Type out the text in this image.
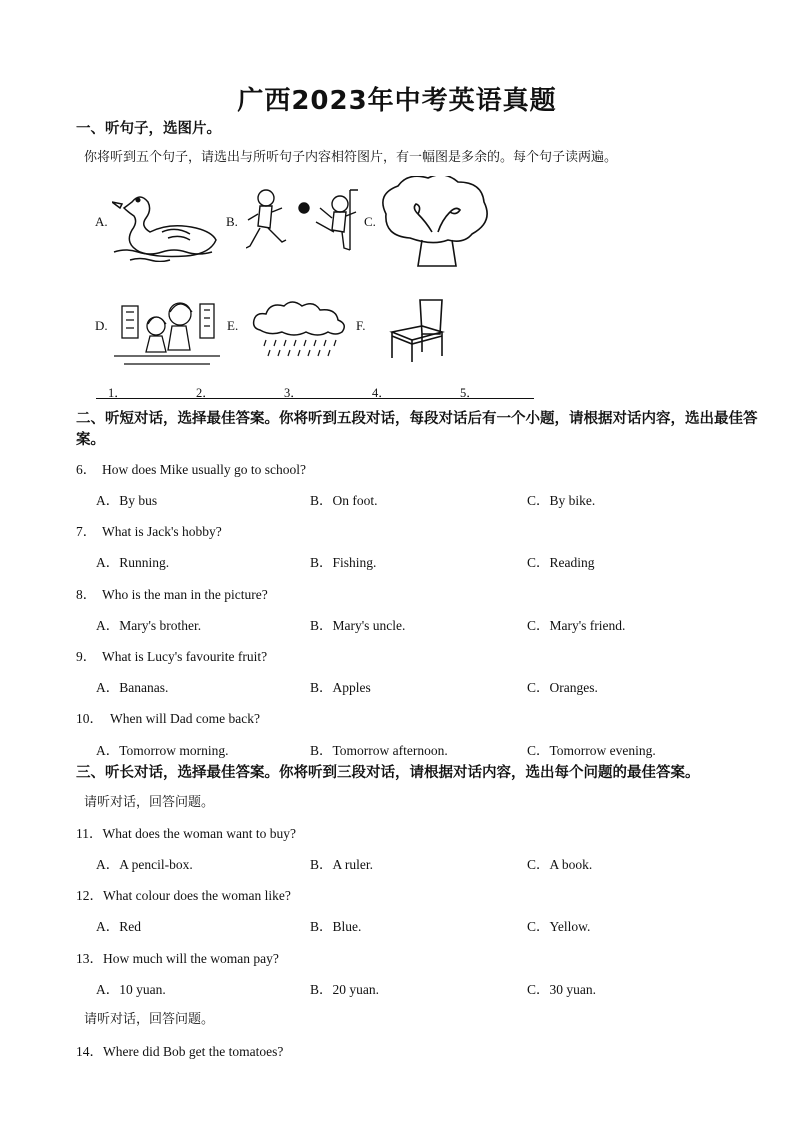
广西2023年中考英语真题
一、听句子，选图片。
你将听到五个句子，请选出与所听句子内容相符图片，有一幅图是多余的。每个句子读两遍。
A.	B.	C.
D.	E.	F.
1．	2．	3．	4．	5．
二、听短对话，选择最佳答案。你将听到五段对话，每段对话后有一个小题，请根据对话内容，选出最佳答案。
6． How does Mike usually go to school?
A．By bus	B．On foot.	C．By bike.
7． What is Jack's hobby?
A．Running.	B．Fishing.	C．Reading
8． Who is the man in the picture?
A．Mary's brother.	B．Mary's uncle.	C．Mary's friend.
9． What is Lucy's favourite fruit?
A．Bananas.	B．Apples	C．Oranges.
10． When will Dad come back?
A．Tomorrow morning.	B．Tomorrow afternoon.	C．Tomorrow evening.
三、听长对话，选择最佳答案。你将听到三段对话，请根据对话内容，选出每个问题的最佳答案。
请听对话，回答问题。
11．What does the woman want to buy?
A．A pencil-box.	B．A ruler.	C．A book.
12．What colour does the woman like?
A．Red	B．Blue.	C．Yellow.
13．How much will the woman pay?
A．10 yuan.	B．20 yuan.	C．30 yuan.
请听对话，回答问题。
14．Where did Bob get the tomatoes?
